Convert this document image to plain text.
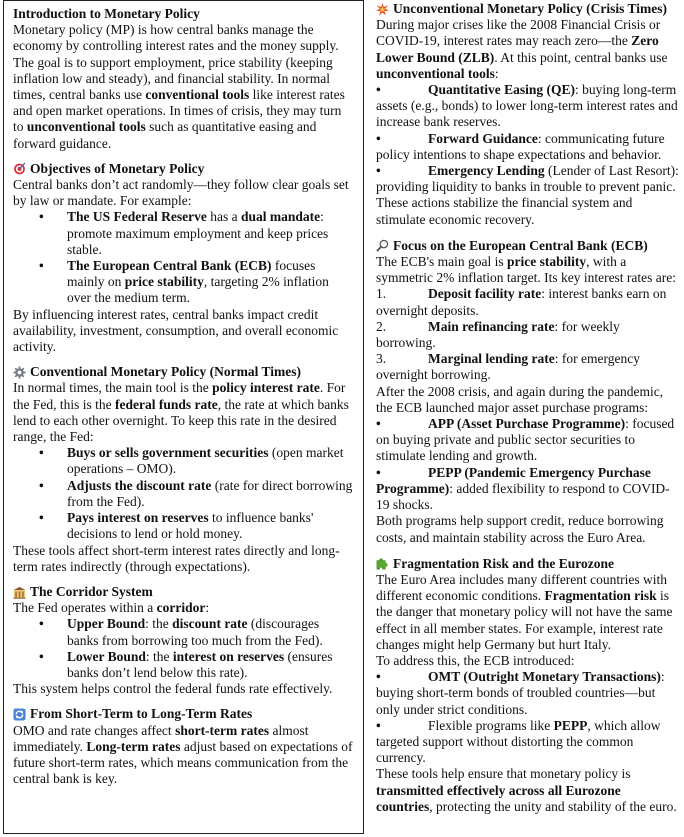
Introduction to Monetary Policy

Monetary policy (MP) is how central banks manage the economy by controlling interest rates and the money supply. The goal is to support employment, price stability (keeping inflation low and steady), and financial stability. In normal times, central banks use conventional tools like interest rates and open market operations. In times of crisis, they may turn to unconventional tools such as quantitative easing and forward guidance.

Objectives of Monetary Policy

Central banks don’t act randomly—they follow clear goals set by law or mandate. For example:

• The US Federal Reserve has a dual mandate: promote maximum employment and keep prices stable.
• The European Central Bank (ECB) focuses mainly on price stability, targeting 2% inflation over the medium term.

By influencing interest rates, central banks impact credit availability, investment, consumption, and overall economic activity.

Conventional Monetary Policy (Normal Times)

In normal times, the main tool is the policy interest rate. For the Fed, this is the federal funds rate, the rate at which banks lend to each other overnight. To keep this rate in the desired range, the Fed:

• Buys or sells government securities (open market operations – OMO).
• Adjusts the discount rate (rate for direct borrowing from the Fed).
• Pays interest on reserves to influence banks' decisions to lend or hold money.

These tools affect short-term interest rates directly and long-term rates indirectly (through expectations).

The Corridor System

The Fed operates within a corridor:

• Upper Bound: the discount rate (discourages banks from borrowing too much from the Fed).
• Lower Bound: the interest on reserves (ensures banks don’t lend below this rate).

This system helps control the federal funds rate effectively.

From Short-Term to Long-Term Rates

OMO and rate changes affect short-term rates almost immediately. Long-term rates adjust based on expectations of future short-term rates, which means communication from the central bank is key.

Unconventional Monetary Policy (Crisis Times)

During major crises like the 2008 Financial Crisis or COVID-19, interest rates may reach zero—the Zero Lower Bound (ZLB). At this point, central banks use unconventional tools:

•	Quantitative Easing (QE): buying long-term assets (e.g., bonds) to lower long-term interest rates and increase bank reserves.

•	Forward Guidance: communicating future policy intentions to shape expectations and behavior.

•	Emergency Lending (Lender of Last Resort): providing liquidity to banks in trouble to prevent panic.

These actions stabilize the financial system and stimulate economic recovery.

Focus on the European Central Bank (ECB)

The ECB's main goal is price stability, with a symmetric 2% inflation target. Its key interest rates are:

1.	Deposit facility rate: interest banks earn on overnight deposits.

2.	Main refinancing rate: for weekly borrowing.

3.	Marginal lending rate: for emergency overnight borrowing.

After the 2008 crisis, and again during the pandemic, the ECB launched major asset purchase programs:

•	APP (Asset Purchase Programme): focused on buying private and public sector securities to stimulate lending and growth.

•	PEPP (Pandemic Emergency Purchase Programme): added flexibility to respond to COVID-19 shocks.

Both programs help support credit, reduce borrowing costs, and maintain stability across the Euro Area.

Fragmentation Risk and the Eurozone

The Euro Area includes many different countries with different economic conditions. Fragmentation risk is the danger that monetary policy will not have the same effect in all member states. For example, interest rate changes might help Germany but hurt Italy.

To address this, the ECB introduced:

•	OMT (Outright Monetary Transactions): buying short-term bonds of troubled countries—but only under strict conditions.

•	Flexible programs like PEPP, which allow targeted support without distorting the common currency.

These tools help ensure that monetary policy is transmitted effectively across all Eurozone countries, protecting the unity and stability of the euro.
